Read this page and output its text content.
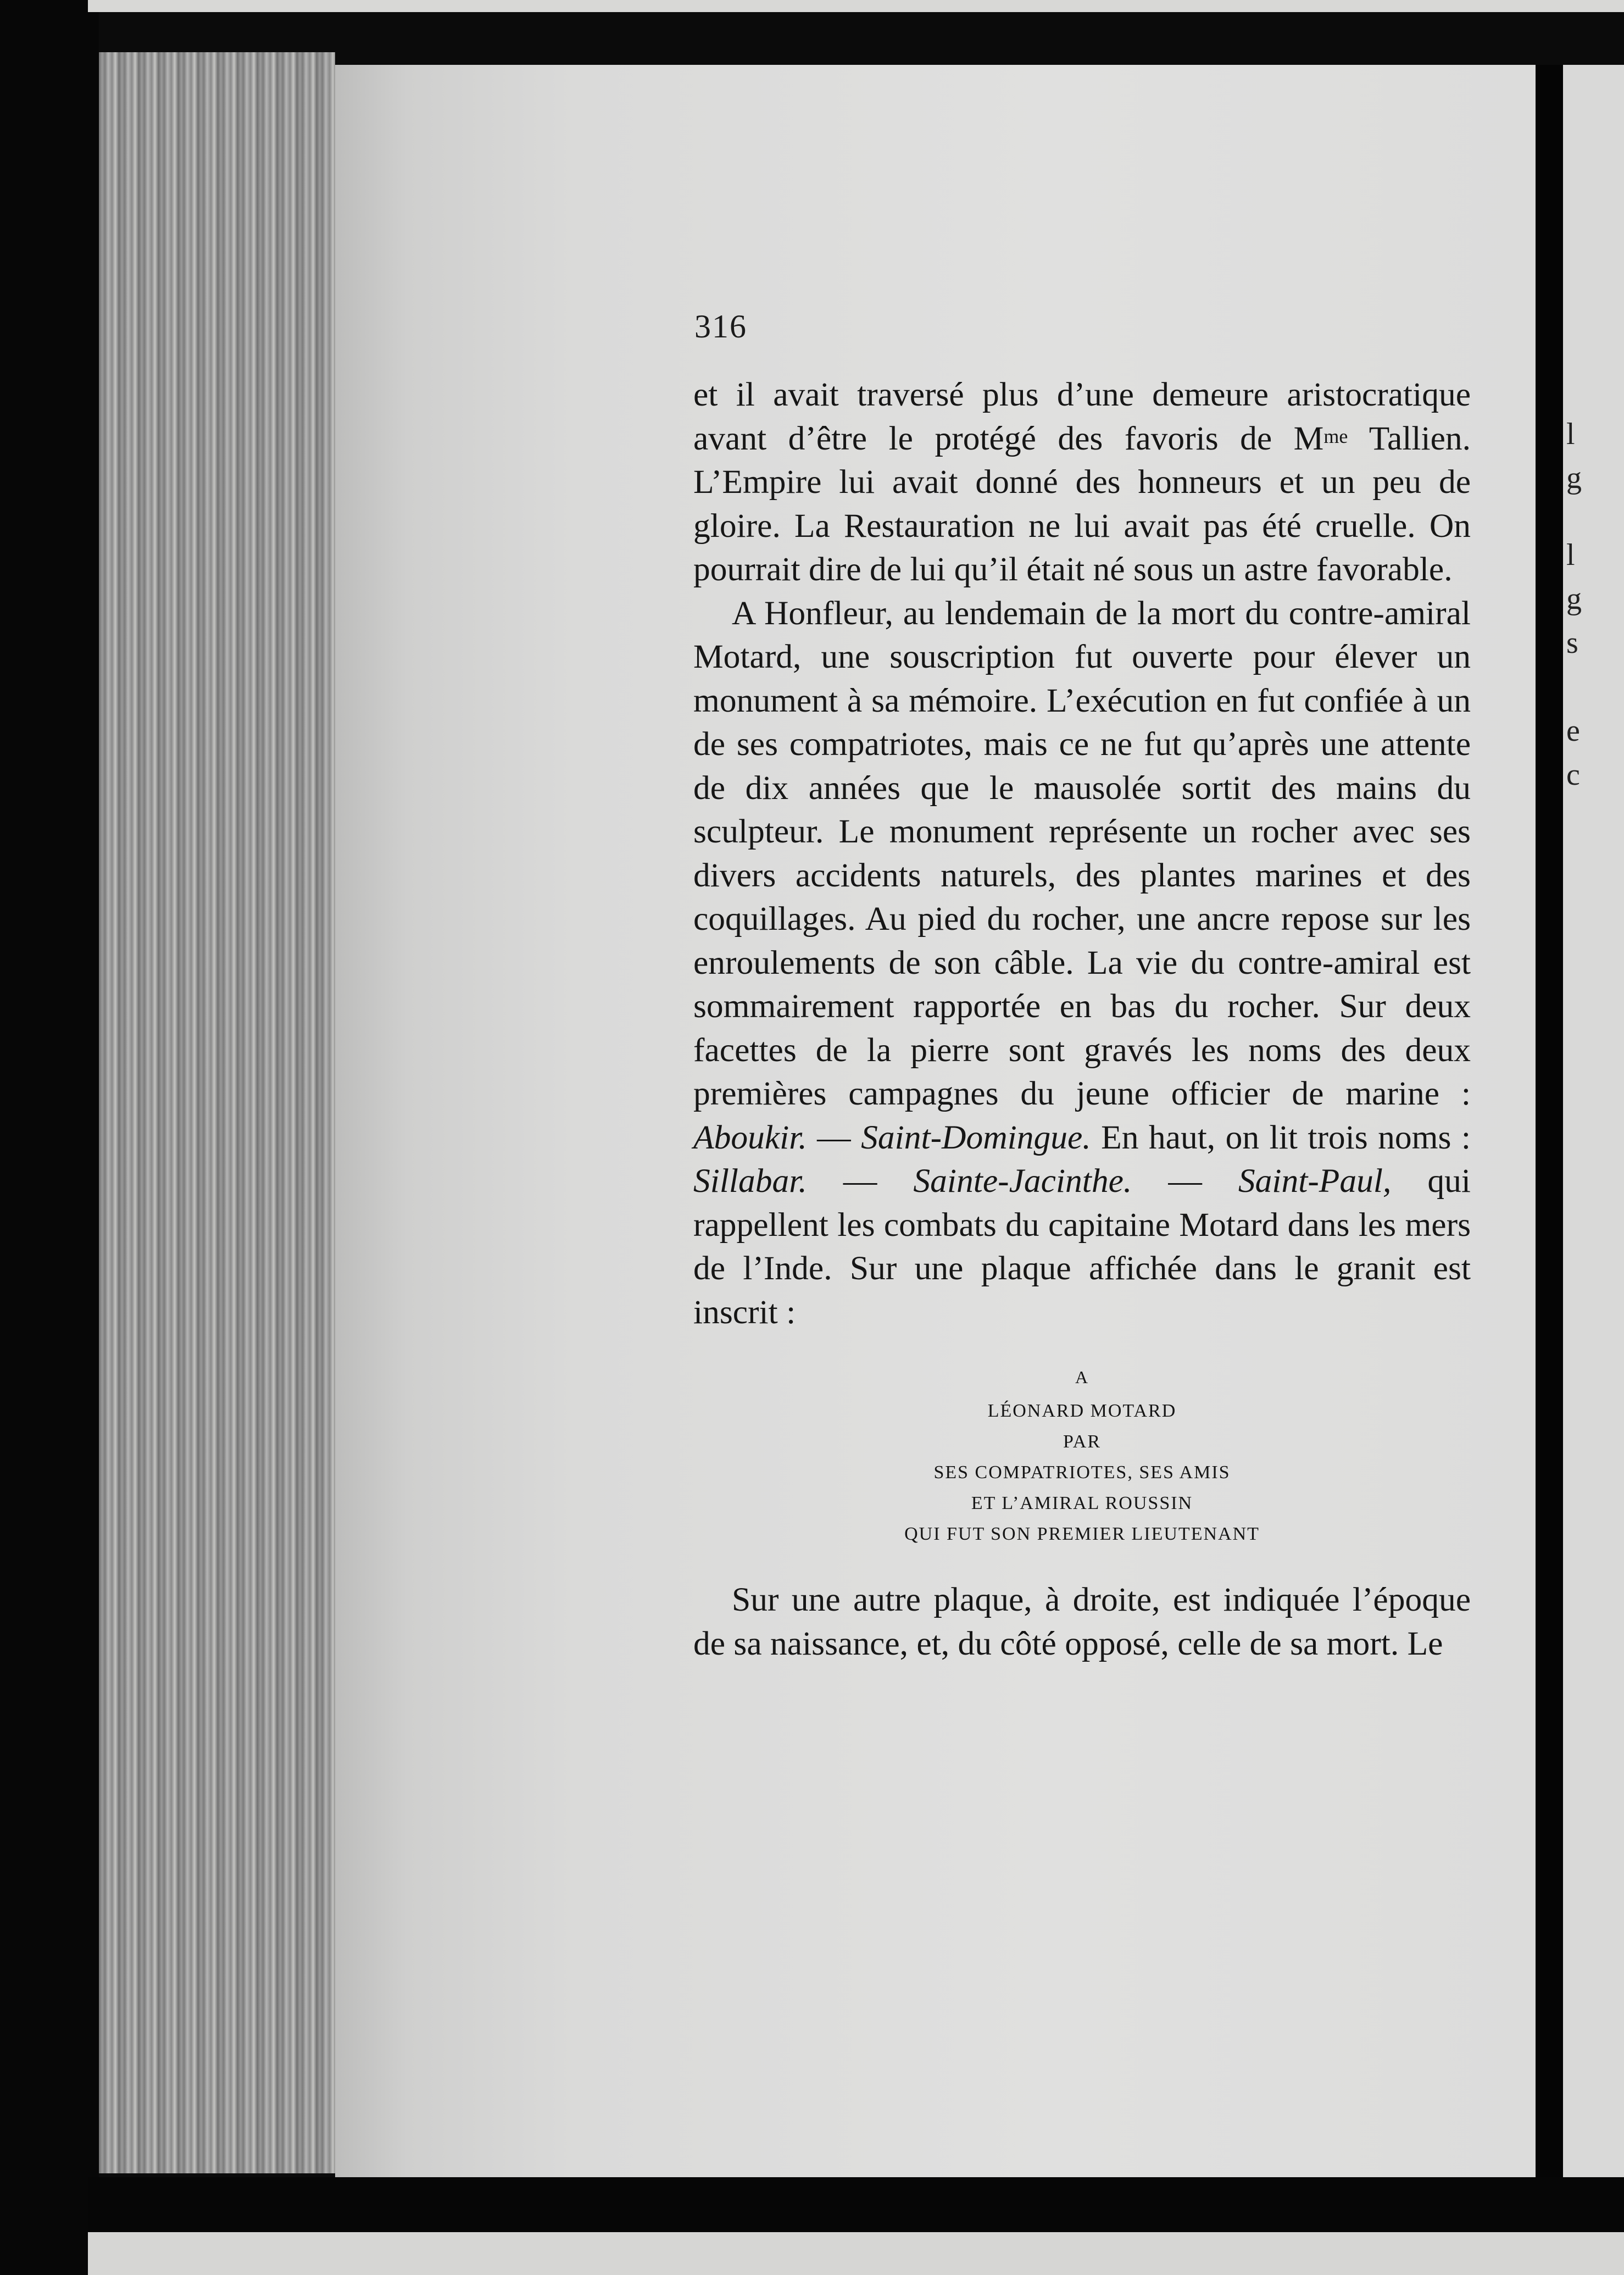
l
g
l
g
s
e
c
316

et il avait traversé plus d’une demeure aristocratique avant d’être le protégé des favoris de $M^{me}$ Tallien. L’Empire lui avait donné des honneurs et un peu de gloire. La Restauration ne lui avait pas été cruelle. On pourrait dire de lui qu’il était né sous un astre favorable.

A Honfleur, au lendemain de la mort du contre-amiral Motard, une souscription fut ouverte pour élever un monument à sa mémoire. L’exécution en fut confiée à un de ses compatriotes, mais ce ne fut qu’après une attente de dix années que le mausolée sortit des mains du sculpteur. Le monument représente un rocher avec ses divers accidents naturels, des plantes marines et des coquillages. Au pied du rocher, une ancre repose sur les enroulements de son câble. La vie du contre-amiral est sommairement rapportée en bas du rocher. Sur deux facettes de la pierre sont gravés les noms des deux premières campagnes du jeune officier de marine : Aboukir. — Saint-Domingue. En haut, on lit trois noms : Sillabar. — Sainte-Jacinthe. — Saint-Paul, qui rappellent les combats du capitaine Motard dans les mers de l’Inde. Sur une plaque affichée dans le granit est inscrit :

A
LÉONARD MOTARD
PAR
SES COMPATRIOTES, SES AMIS
ET L’AMIRAL ROUSSIN
QUI FUT SON PREMIER LIEUTENANT

Sur une autre plaque, à droite, est indiquée l’époque de sa naissance, et, du côté opposé, celle de sa mort. Le
